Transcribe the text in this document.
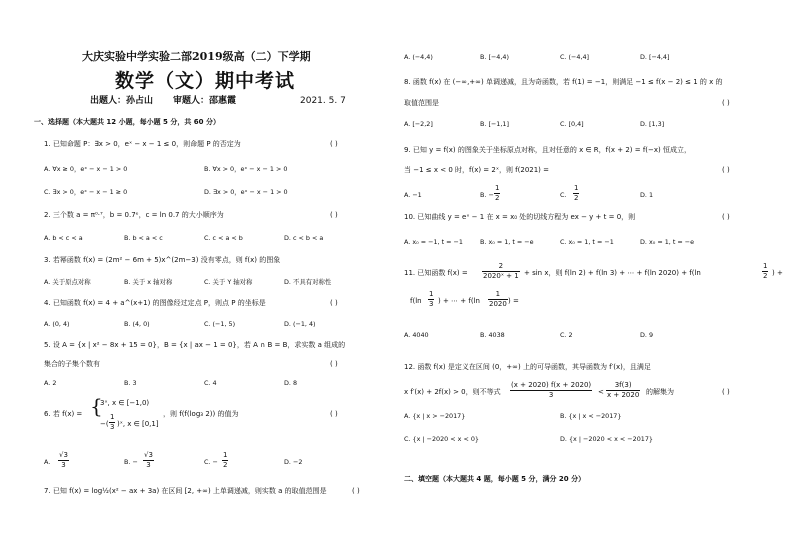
大庆实验中学实验二部2019级高（二）下学期
数学（文）期中考试
出题人：孙占山 审题人：邵惠霞	2021. 5. 7
一、选择题（本大题共 12 小题，每小题 5 分，共 60 分）
1. 已知命题 P：∃x > 0，eˣ − x − 1 ≤ 0，则命题 P 的否定为	( )
A. ∀x ≥ 0，eˣ − x − 1 > 0	B. ∀x > 0，eˣ − x − 1 > 0
C. ∃x > 0，eˣ − x − 1 ≥ 0	D. ∃x > 0，eˣ − x − 1 > 0
2. 三个数 a = π⁰·⁷，b = 0.7ᵉ，c = ln 0.7 的大小顺序为	( )
A. b < c < a	B. b < a < c	C. c < a < b	D. c < b < a
3. 若幂函数 f(x) = (2m² − 6m + 5)x^(2m−3) 没有零点，则 f(x) 的图象
A. 关于原点对称	B. 关于 x 轴对称	C. 关于 Y 轴对称	D. 不具有对称性
4. 已知函数 f(x) = 4 + a^(x+1) 的图像经过定点 P，则点 P 的坐标是	( )
A. (0, 4)	B. (4, 0)	C. (−1, 5)	D. (−1, 4)
5. 设 A = {x | x² − 8x + 15 = 0}，B = {x | ax − 1 = 0}，若 A ∩ B = B，求实数 a 组成的
集合的子集个数有	( )
A. 2	B. 3	C. 4	D. 8
6. 若 f(x) = {
3ˣ, x ∈ [−1,0)
−( $\frac{1}{3}$ )ˣ, x ∈ [0,1]
，则 f(f(log₃ 2)) 的值为	( )
A. $\frac{√3}{3}$	B. − $\frac{√3}{3}$	C. − $\frac{1}{2}$	D. −2
7. 已知 f(x) = log½(x² − ax + 3a) 在区间 [2, +∞) 上单调递减，则实数 a 的取值范围是	( )
A. (−4,4)	B. [−4,4)	C. (−4,4]	D. [−4,4]
8. 函数 f(x) 在 (−∞,+∞) 单调递减，且为奇函数，若 f(1) = −1，则满足 −1 ≤ f(x − 2) ≤ 1 的 x 的
取值范围是	( )
A. [−2,2]	B. [−1,1]	C. [0,4]	D. [1,3]
9. 已知 y = f(x) 的图象关于坐标原点对称，且对任意的 x ∈ R，f(x + 2) = f(−x) 恒成立，
当 −1 ≤ x < 0 时，f(x) = 2ˣ，则 f(2021) =	( )
A. −1	B. − $\frac{1}{2}$	C. $\frac{1}{2}$	D. 1
10. 已知曲线 y = eˣ − 1 在 x = x₀ 处的切线方程为 ex − y + t = 0，则	( )
A. x₀ = −1, t = −1	B. x₀ = 1, t = −e	C. x₀ = 1, t = −1	D. x₀ = 1, t = −e
11. 已知函数 $f(x) = \frac{2}{\text{2020ˣ + 1}} + \sin x$，则 f(ln 2) + f(ln 3) + ⋯ + f(ln 2020) + f(ln	$\frac{1}{2}$ ) +
$f(\ln \frac{1}{3}$ ) + ⋯ + $f(\ln \frac{1}{2020}$ ) =
A. 4040	B. 4038	C. 2	D. 9
12. 函数 f(x) 是定义在区间 (0，+∞) 上的可导函数，其导函数为 f′(x)，且满足
x f′(x) + 2f(x) > 0，则不等式 $\frac{(x + 2020) f(x + 2020)}{3} < \frac{3f(3)}{x + 2020}$ 的解集为	( )
A. {x | x > −2017}	B. {x | x < −2017}
C. {x | −2020 < x < 0}	D. {x | −2020 < x < −2017}
二、填空题（本大题共 4 题，每小题 5 分，满分 20 分）
